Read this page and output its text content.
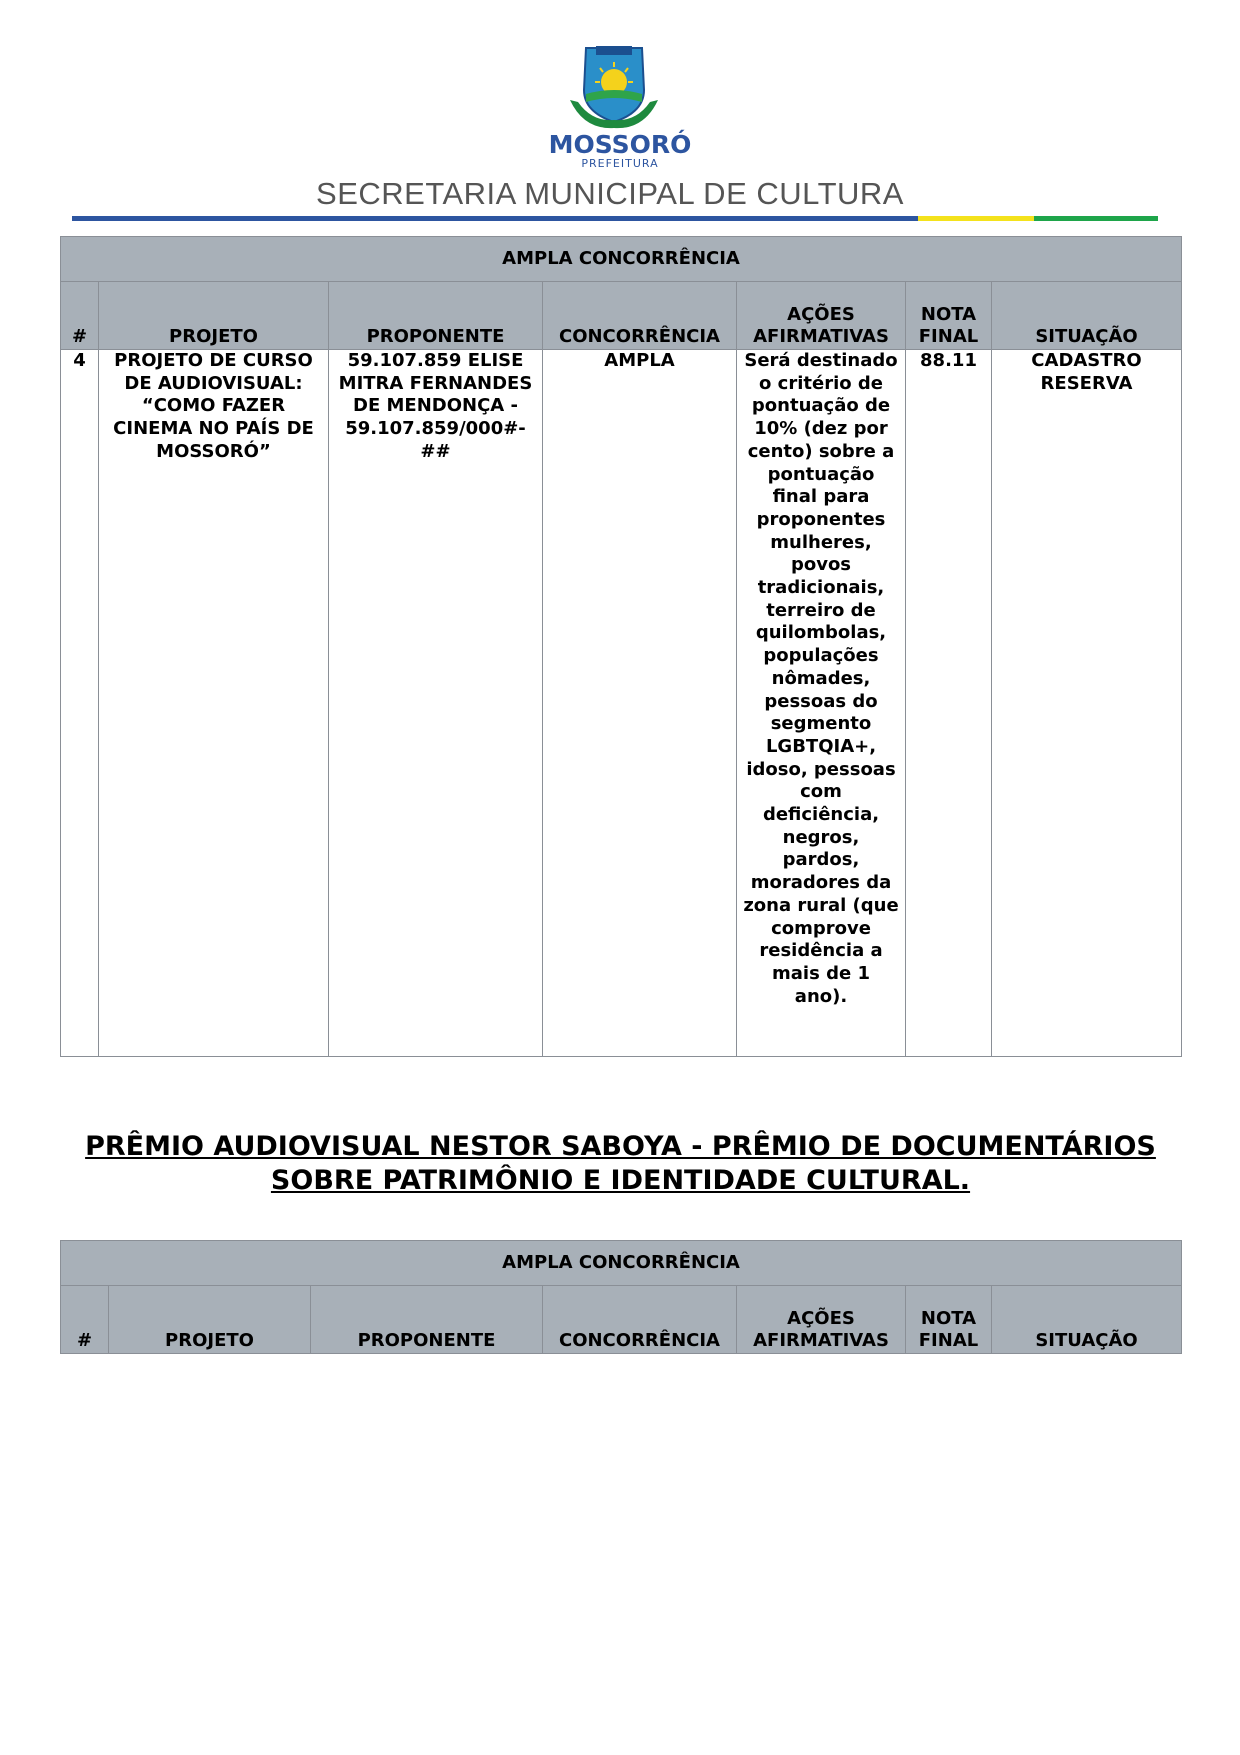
MOSSORÓ
PREFEITURA
SECRETARIA MUNICIPAL DE CULTURA
AMPLA CONCORRÊNCIA						
#	PROJETO	PROPONENTE	CONCORRÊNCIA	AÇÕES AFIRMATIVAS	NOTA FINAL	SITUAÇÃO
4	PROJETO DE CURSO DE AUDIOVISUAL: “COMO FAZER CINEMA NO PAÍS DE MOSSORÓ”	59.107.859 ELISE MITRA FERNANDES DE MENDONÇA - 59.107.859/000#-##	AMPLA	Será destinado o critério de pontuação de 10% (dez por cento) sobre a pontuação final para proponentes mulheres, povos tradicionais, terreiro de quilombolas, populações nômades, pessoas do segmento LGBTQIA+, idoso, pessoas com deficiência, negros, pardos, moradores da zona rural (que comprove residência a mais de 1 ano).	88.11	CADASTRO RESERVA
PRÊMIO AUDIOVISUAL NESTOR SABOYA - PRÊMIO DE DOCUMENTÁRIOS SOBRE PATRIMÔNIO E IDENTIDADE CULTURAL.
AMPLA CONCORRÊNCIA
#	PROJETO	PROPONENTE	CONCORRÊNCIA	AÇÕES AFIRMATIVAS	NOTA FINAL	SITUAÇÃO
